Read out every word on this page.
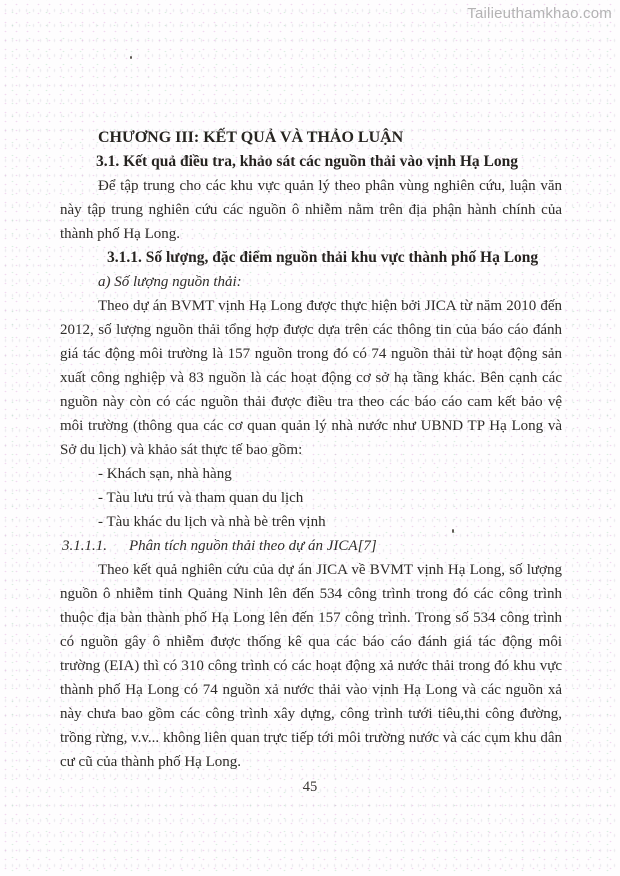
Tailieuthamkhao.com
CHƯƠNG III: KẾT QUẢ VÀ THẢO LUẬN
3.1. Kết quả điều tra, khảo sát các nguồn thải vào vịnh Hạ Long

Để tập trung cho các khu vực quản lý theo phân vùng nghiên cứu, luận văn này tập trung nghiên cứu các nguồn ô nhiễm nằm trên địa phận hành chính của thành phố Hạ Long.

3.1.1. Số lượng, đặc điểm nguồn thải khu vực thành phố Hạ Long
a) Số lượng nguồn thải:

Theo dự án BVMT vịnh Hạ Long được thực hiện bởi JICA từ năm 2010 đến 2012, số lượng nguồn thải tổng hợp được dựa trên các thông tin của báo cáo đánh giá tác động môi trường là 157 nguồn trong đó có 74 nguồn thải từ hoạt động sản xuất công nghiệp và 83 nguồn là các hoạt động cơ sở hạ tầng khác. Bên cạnh các nguồn này còn có các nguồn thải được điều tra theo các báo cáo cam kết bảo vệ môi trường (thông qua các cơ quan quản lý nhà nước như UBND TP Hạ Long và Sở du lịch) và khảo sát thực tế bao gồm:

- Khách sạn, nhà hàng
- Tàu lưu trú và tham quan du lịch
- Tàu khác du lịch và nhà bè trên vịnh
3.1.1.1. Phân tích nguồn thải theo dự án JICA[7]

Theo kết quả nghiên cứu của dự án JICA về BVMT vịnh Hạ Long, số lượng nguồn ô nhiễm tỉnh Quảng Ninh lên đến 534 công trình trong đó các công trình thuộc địa bàn thành phố Hạ Long lên đến 157 công trình. Trong số 534 công trình có nguồn gây ô nhiễm được thống kê qua các báo cáo đánh giá tác động môi trường (EIA) thì có 310 công trình có các hoạt động xả nước thải trong đó khu vực thành phố Hạ Long có 74 nguồn xả nước thải vào vịnh Hạ Long và các nguồn xả này chưa bao gồm các công trình xây dựng, công trình tưới tiêu,thi công đường, trồng rừng, v.v... không liên quan trực tiếp tới môi trường nước và các cụm khu dân cư cũ của thành phố Hạ Long.

45
